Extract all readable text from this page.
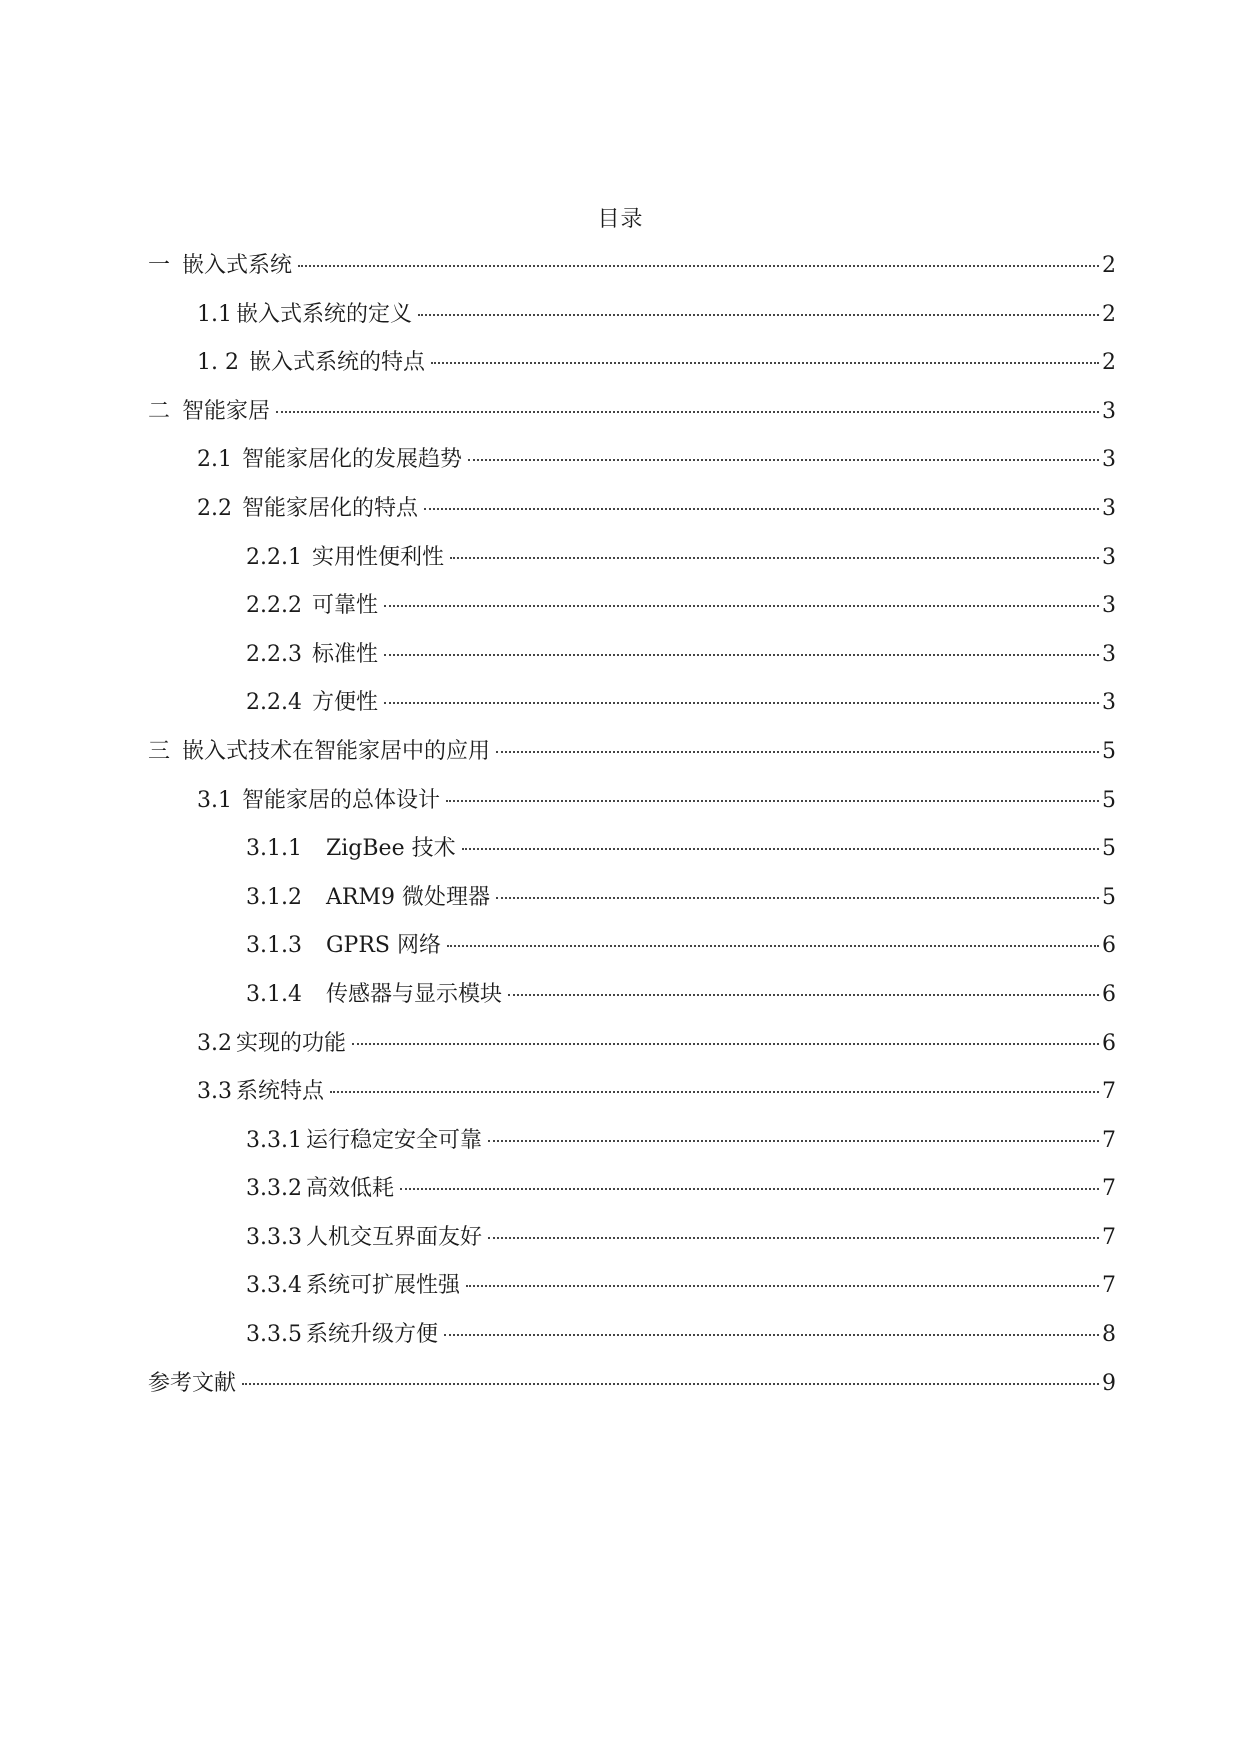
目录
一 嵌入式系统	2
1.1 嵌入式系统的定义	2
1. 2 嵌入式系统的特点	2
二 智能家居	3
2.1 智能家居化的发展趋势	3
2.2 智能家居化的特点	3
2.2.1 实用性便利性	3
2.2.2 可靠性	3
2.2.3 标准性	3
2.2.4 方便性	3
三 嵌入式技术在智能家居中的应用	5
3.1 智能家居的总体设计	5
3.1.1 ZigBee 技术	5
3.1.2 ARM9 微处理器	5
3.1.3 GPRS 网络	6
3.1.4 传感器与显示模块	6
3.2 实现的功能	6
3.3 系统特点	7
3.3.1 运行稳定安全可靠	7
3.3.2 高效低耗	7
3.3.3 人机交互界面友好	7
3.3.4 系统可扩展性强	7
3.3.5 系统升级方便	8
参考文献	9
